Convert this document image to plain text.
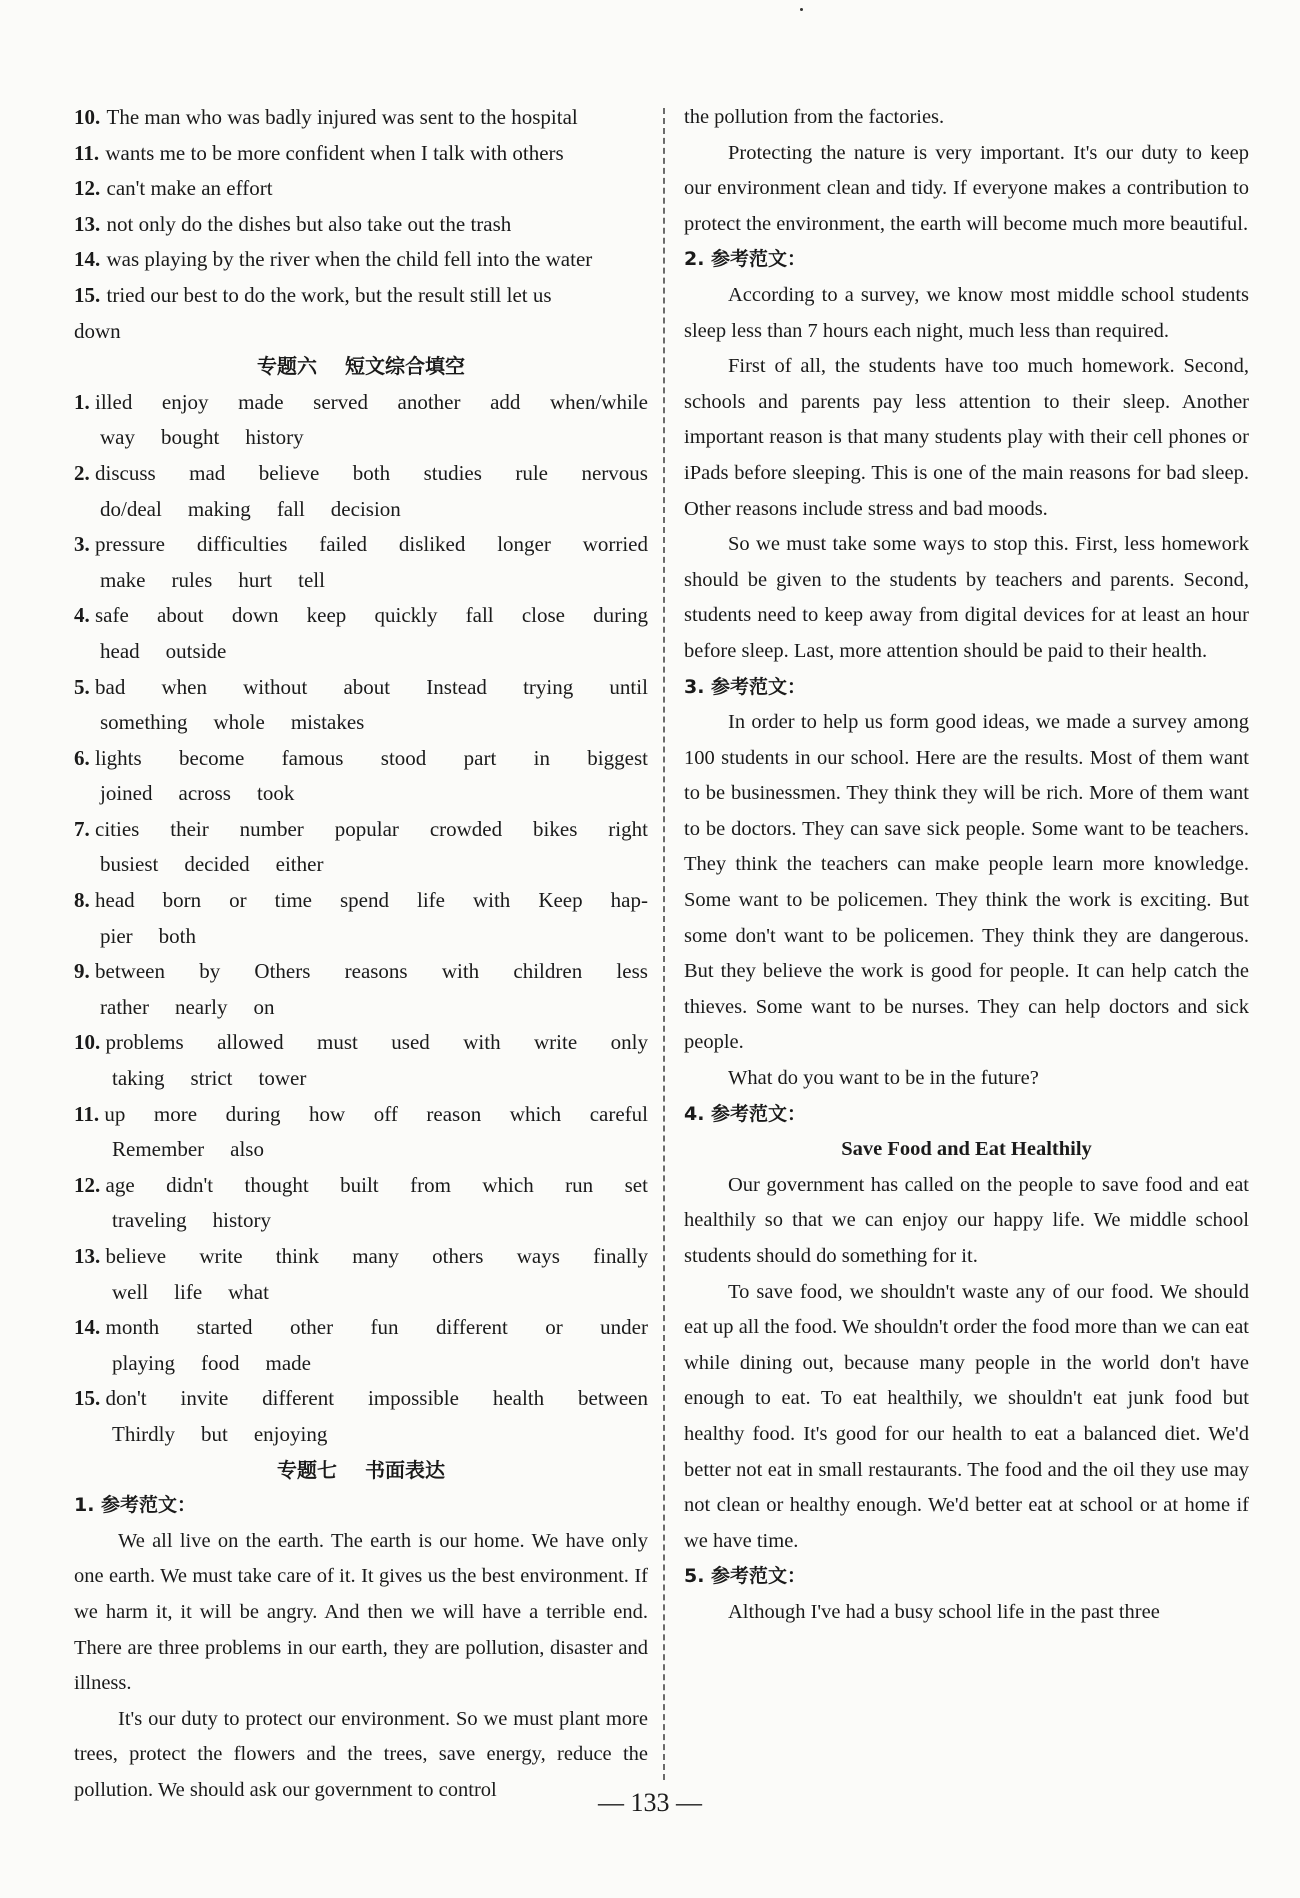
10. The man who was badly injured was sent to the hospital
11. wants me to be more confident when I talk with others
12. can't make an effort
13. not only do the dishes but also take out the trash
14. was playing by the river when the child fell into the water
15. tried our best to do the work, but the result still let us
down
专题六 短文综合填空
1. illed enjoy made served another add when/while
way bought history
2. discuss mad believe both studies rule nervous
do/deal making fall decision
3. pressure difficulties failed disliked longer worried
make rules hurt tell
4. safe about down keep quickly fall close during
head outside
5. bad when without about Instead trying until
something whole mistakes
6. lights become famous stood part in biggest
joined across took
7. cities their number popular crowded bikes right
busiest decided either
8. head born or time spend life with Keep hap-
pier both
9. between by Others reasons with children less
rather nearly on
10. problems allowed must used with write only
taking strict tower
11. up more during how off reason which careful
Remember also
12. age didn't thought built from which run set
traveling history
13. believe write think many others ways finally
well life what
14. month started other fun different or under
playing food made
15. don't invite different impossible health between
Thirdly but enjoying
专题七 书面表达
1. 参考范文：
We all live on the earth. The earth is our home. We have only one earth. We must take care of it. It gives us the best environment. If we harm it, it will be angry. And then we will have a terrible end. There are three problems in our earth, they are pollution, disaster and illness.
It's our duty to protect our environment. So we must plant more trees, protect the flowers and the trees, save energy, reduce the pollution. We should ask our government to control
the pollution from the factories.
Protecting the nature is very important. It's our duty to keep our environment clean and tidy. If everyone makes a contribution to protect the environment, the earth will become much more beautiful.
2. 参考范文：
According to a survey, we know most middle school students sleep less than 7 hours each night, much less than required.
First of all, the students have too much homework. Second, schools and parents pay less attention to their sleep. Another important reason is that many students play with their cell phones or iPads before sleeping. This is one of the main reasons for bad sleep. Other reasons include stress and bad moods.
So we must take some ways to stop this. First, less homework should be given to the students by teachers and parents. Second, students need to keep away from digital devices for at least an hour before sleep. Last, more attention should be paid to their health.
3. 参考范文：
In order to help us form good ideas, we made a survey among 100 students in our school. Here are the results. Most of them want to be businessmen. They think they will be rich. More of them want to be doctors. They can save sick people. Some want to be teachers. They think the teachers can make people learn more knowledge. Some want to be policemen. They think the work is exciting. But some don't want to be policemen. They think they are dangerous. But they believe the work is good for people. It can help catch the thieves. Some want to be nurses. They can help doctors and sick people.
What do you want to be in the future?
4. 参考范文：
Save Food and Eat Healthily
Our government has called on the people to save food and eat healthily so that we can enjoy our happy life. We middle school students should do something for it.
To save food, we shouldn't waste any of our food. We should eat up all the food. We shouldn't order the food more than we can eat while dining out, because many people in the world don't have enough to eat. To eat healthily, we shouldn't eat junk food but healthy food. It's good for our health to eat a balanced diet. We'd better not eat in small restaurants. The food and the oil they use may not clean or healthy enough. We'd better eat at school or at home if we have time.
5. 参考范文：
Although I've had a busy school life in the past three
— 133 —
